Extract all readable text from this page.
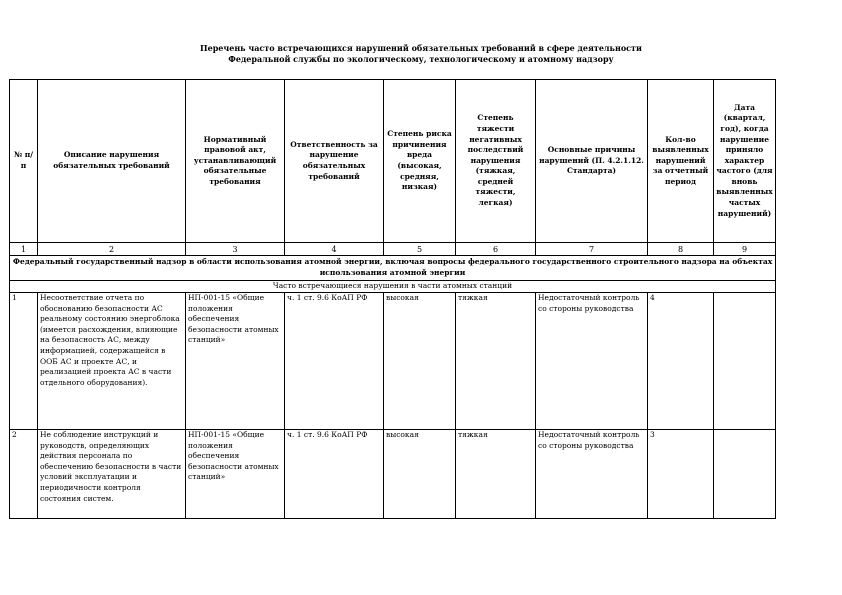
Перечень часто встречающихся нарушений обязательных требований в сфере деятельности
Федеральной службы по экологическому, технологическому и атомному надзору
№ п/п	Описание нарушения обязательных требований	Нормативный правовой акт, устанавливающий обязательные требования	Ответственность за нарушение обязательных требований	Степень риска причинения вреда (высокая, средняя, низкая)	Степень тяжести негативных последствий нарушения (тяжкая, средней тяжести, легкая)	Основные причины нарушений (П. 4.2.1.12. Стандарта)	Кол-во выявленных нарушений за отчетный период	Дата (квартал, год), когда нарушение приняло характер частого (для вновь выявленных частых нарушений)
1	2	3	4	5	6	7	8	9
Федеральный государственный надзор в области использования атомной энергии, включая вопросы федерального государственного строительного надзора на объектах использования атомной энергии								
Часто встречающиеся нарушения в части атомных станций								
1	Несоответствие отчета по обоснованию безопасности АС реальному состоянию энергоблока (имеется расхождения, влияющие на безопасность АС, между информацией, содержащейся в ООБ АС и проекте АС, и реализацией проекта АС в части отдельного оборудования).	НП-001-15 «Общие положения обеспечения безопасности атомных станций»	ч. 1 ст. 9.6 КоАП РФ	высокая	тяжкая	Недостаточный контроль со стороны руководства	4	
2	Не соблюдение инструкций и руководств, определяющих действия персонала по обеспечению безопасности в части условий эксплуатации и периодичности контроля состояния систем.	НП-001-15 «Общие положения обеспечения безопасности атомных станций»	ч. 1 ст. 9.6 КоАП РФ	высокая	тяжкая	Недостаточный контроль со стороны руководства	3	
